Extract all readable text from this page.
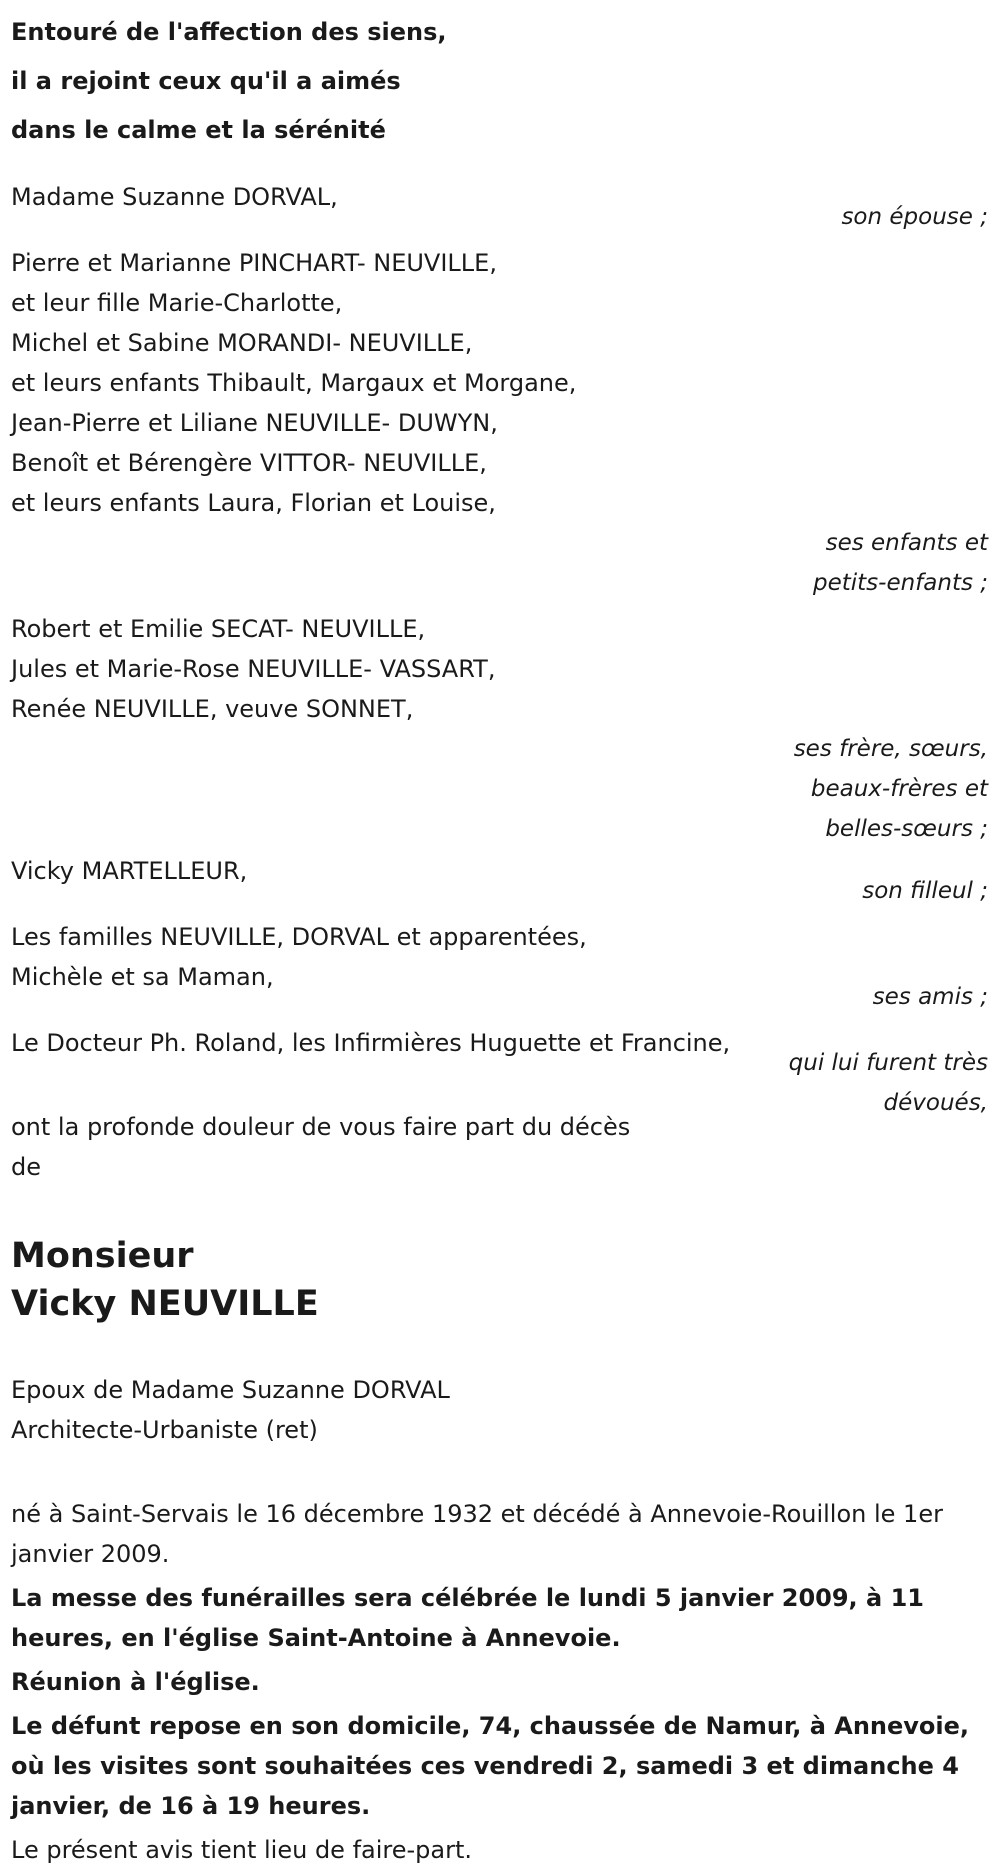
Entouré de l'affection des siens,
il a rejoint ceux qu'il a aimés
dans le calme et la sérénité
Madame Suzanne DORVAL,
son épouse ;
Pierre et Marianne PINCHART- NEUVILLE,
et leur fille Marie-Charlotte,
Michel et Sabine MORANDI- NEUVILLE,
et leurs enfants Thibault, Margaux et Morgane,
Jean-Pierre et Liliane NEUVILLE- DUWYN,
Benoît et Bérengère VITTOR- NEUVILLE,
et leurs enfants Laura, Florian et Louise,
ses enfants et
petits-enfants ;
Robert et Emilie SECAT- NEUVILLE,
Jules et Marie-Rose NEUVILLE- VASSART,
Renée NEUVILLE, veuve SONNET,
ses frère, sœurs,
beaux-frères et
belles-sœurs ;
Vicky MARTELLEUR,
son filleul ;
Les familles NEUVILLE, DORVAL et apparentées,
Michèle et sa Maman,
ses amis ;
Le Docteur Ph. Roland, les Infirmières Huguette et Francine,
qui lui furent très
dévoués,
ont la profonde douleur de vous faire part du décès
de
Monsieur
Vicky NEUVILLE
Epoux de Madame Suzanne DORVAL
Architecte-Urbaniste (ret)
né à Saint-Servais le 16 décembre 1932 et décédé à Annevoie-Rouillon le 1er janvier 2009.
La messe des funérailles sera célébrée le lundi 5 janvier 2009, à 11 heures, en l'église Saint-Antoine à Annevoie.
Réunion à l'église.
Le défunt repose en son domicile, 74, chaussée de Namur, à Annevoie, où les visites sont souhaitées ces vendredi 2, samedi 3 et dimanche 4 janvier, de 16 à 19 heures.
Le présent avis tient lieu de faire-part.
